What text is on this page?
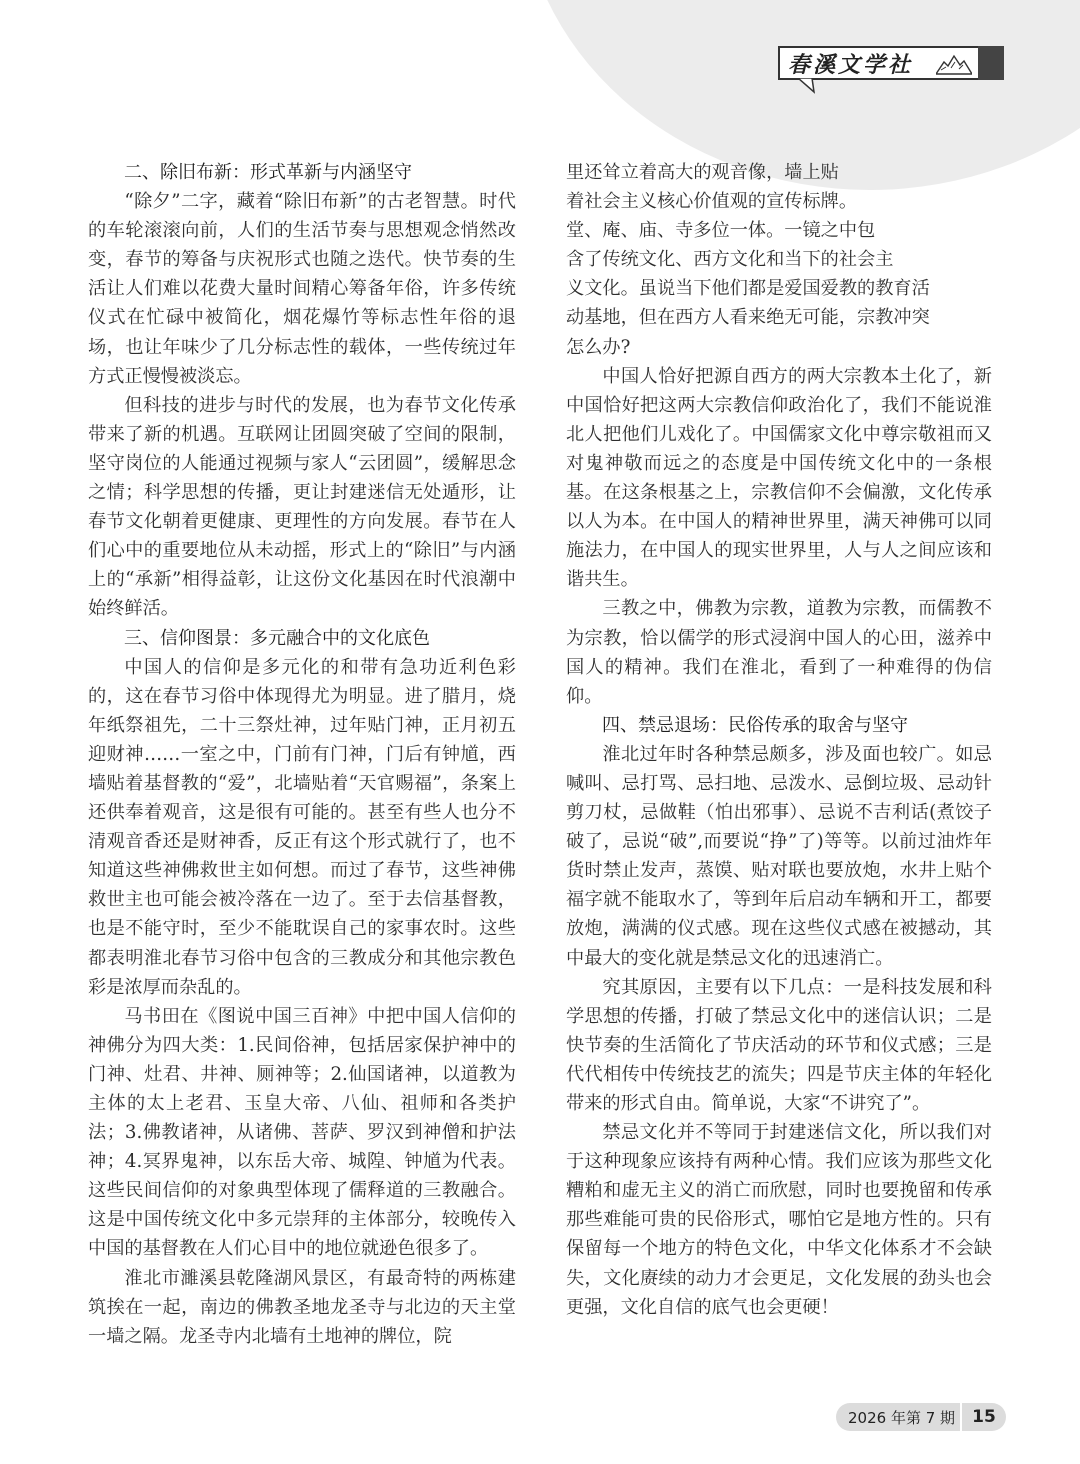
春溪文学社

二、除旧布新：形式革新与内涵坚守

“除夕”二字，藏着“除旧布新”的古老智慧。时代的车轮滚滚向前，人们的生活节奏与思想观念悄然改变，春节的筹备与庆祝形式也随之迭代。快节奏的生活让人们难以花费大量时间精心筹备年俗，许多传统仪式在忙碌中被简化，烟花爆竹等标志性年俗的退场，也让年味少了几分标志性的载体，一些传统过年方式正慢慢被淡忘。

但科技的进步与时代的发展，也为春节文化传承带来了新的机遇。互联网让团圆突破了空间的限制，坚守岗位的人能通过视频与家人“云团圆”，缓解思念之情；科学思想的传播，更让封建迷信无处遁形，让春节文化朝着更健康、更理性的方向发展。春节在人们心中的重要地位从未动摇，形式上的“除旧”与内涵上的“承新”相得益彰，让这份文化基因在时代浪潮中始终鲜活。

三、信仰图景：多元融合中的文化底色

中国人的信仰是多元化的和带有急功近利色彩的，这在春节习俗中体现得尤为明显。进了腊月，烧年纸祭祖先，二十三祭灶神，过年贴门神，正月初五迎财神……一室之中，门前有门神，门后有钟馗，西墙贴着基督教的“爱”，北墙贴着“天官赐福”，条案上还供奉着观音，这是很有可能的。甚至有些人也分不清观音香还是财神香，反正有这个形式就行了，也不知道这些神佛救世主如何想。而过了春节，这些神佛救世主也可能会被冷落在一边了。至于去信基督教，也是不能守时，至少不能耽误自己的家事农时。这些都表明淮北春节习俗中包含的三教成分和其他宗教色彩是浓厚而杂乱的。

马书田在《图说中国三百神》中把中国人信仰的神佛分为四大类：1.民间俗神，包括居家保护神中的门神、灶君、井神、厕神等；2.仙国诸神，以道教为主体的太上老君、玉皇大帝、八仙、祖师和各类护法；3.佛教诸神，从诸佛、菩萨、罗汉到神僧和护法神；4.冥界鬼神，以东岳大帝、城隍、钟馗为代表。这些民间信仰的对象典型体现了儒释道的三教融合。这是中国传统文化中多元崇拜的主体部分，较晚传入中国的基督教在人们心目中的地位就逊色很多了。

淮北市濉溪县乾隆湖风景区，有最奇特的两栋建筑挨在一起，南边的佛教圣地龙圣寺与北边的天主堂一墙之隔。龙圣寺内北墙有土地神的牌位，院

里还耸立着高大的观音像，墙上贴
着社会主义核心价值观的宣传标牌。
堂、庵、庙、寺多位一体。一镜之中包
含了传统文化、西方文化和当下的社会主
义文化。虽说当下他们都是爱国爱教的教育活
动基地，但在西方人看来绝无可能，宗教冲突
怎么办?

中国人恰好把源自西方的两大宗教本土化了，新中国恰好把这两大宗教信仰政治化了，我们不能说淮北人把他们儿戏化了。中国儒家文化中尊宗敬祖而又对鬼神敬而远之的态度是中国传统文化中的一条根基。在这条根基之上，宗教信仰不会偏激，文化传承以人为本。在中国人的精神世界里，满天神佛可以同施法力，在中国人的现实世界里，人与人之间应该和谐共生。

三教之中，佛教为宗教，道教为宗教，而儒教不为宗教，恰以儒学的形式浸润中国人的心田，滋养中国人的精神。我们在淮北，看到了一种难得的伪信仰。

四、禁忌退场：民俗传承的取舍与坚守

淮北过年时各种禁忌颇多，涉及面也较广。如忌喊叫、忌打骂、忌扫地、忌泼水、忌倒垃圾、忌动针剪刀杖，忌做鞋（怕出邪事）、忌说不吉利话(煮饺子破了，忌说“破”,而要说“挣”了)等等。以前过油炸年货时禁止发声，蒸馍、贴对联也要放炮，水井上贴个福字就不能取水了，等到年后启动车辆和开工，都要放炮，满满的仪式感。现在这些仪式感在被撼动，其中最大的变化就是禁忌文化的迅速消亡。

究其原因，主要有以下几点：一是科技发展和科学思想的传播，打破了禁忌文化中的迷信认识；二是快节奏的生活简化了节庆活动的环节和仪式感；三是代代相传中传统技艺的流失；四是节庆主体的年轻化带来的形式自由。简单说，大家“不讲究了”。

禁忌文化并不等同于封建迷信文化，所以我们对于这种现象应该持有两种心情。我们应该为那些文化糟粕和虚无主义的消亡而欣慰，同时也要挽留和传承那些难能可贵的民俗形式，哪怕它是地方性的。只有保留每一个地方的特色文化，中华文化体系才不会缺失，文化赓续的动力才会更足，文化发展的劲头也会更强，文化自信的底气也会更硬！

2026 年第 7 期	15
